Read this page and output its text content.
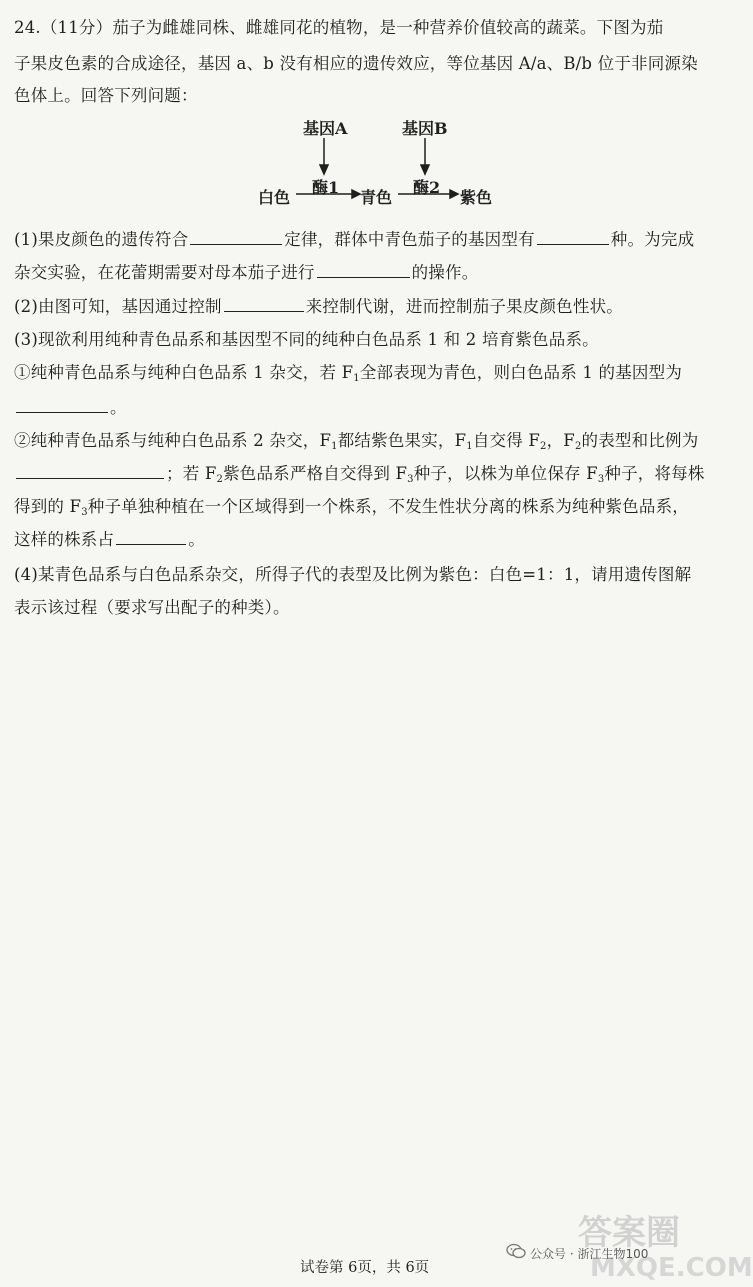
24.（11分）茄子为雌雄同株、雌雄同花的植物，是一种营养价值较高的蔬菜。下图为茄
子果皮色素的合成途径，基因 a、b 没有相应的遗传效应，等位基因 A/a、B/b 位于非同源染
色体上。回答下列问题：
基因A	基因B
酶1	酶2
白色	青色	紫色
(1)果皮颜色的遗传符合	定律，群体中青色茄子的基因型有	种。为完成
杂交实验，在花蕾期需要对母本茄子进行	的操作。
(2)由图可知，基因通过控制	来控制代谢，进而控制茄子果皮颜色性状。
(3)现欲利用纯种青色品系和基因型不同的纯种白色品系 1 和 2 培育紫色品系。
①纯种青色品系与纯种白色品系 1 杂交，若 $F_1$全部表现为青色，则白色品系 1 的基因型为
。
②纯种青色品系与纯种白色品系 2 杂交，$F_1$都结紫色果实，$F_1$自交得 $F_2$，$F_2$的表型和比例为
；若 $F_2$紫色品系严格自交得到 $F_3$种子，以株为单位保存 $F_3$种子，将每株
得到的 $F_3$种子单独种植在一个区域得到一个株系，不发生性状分离的株系为纯种紫色品系，
这样的株系占	。
(4)某青色品系与白色品系杂交，所得子代的表型及比例为紫色：白色=1：1，请用遗传图解
表示该过程（要求写出配子的种类）。
答案圈
MXQE.COM
公众号 · 浙江生物100
试卷第 6页，共 6页
